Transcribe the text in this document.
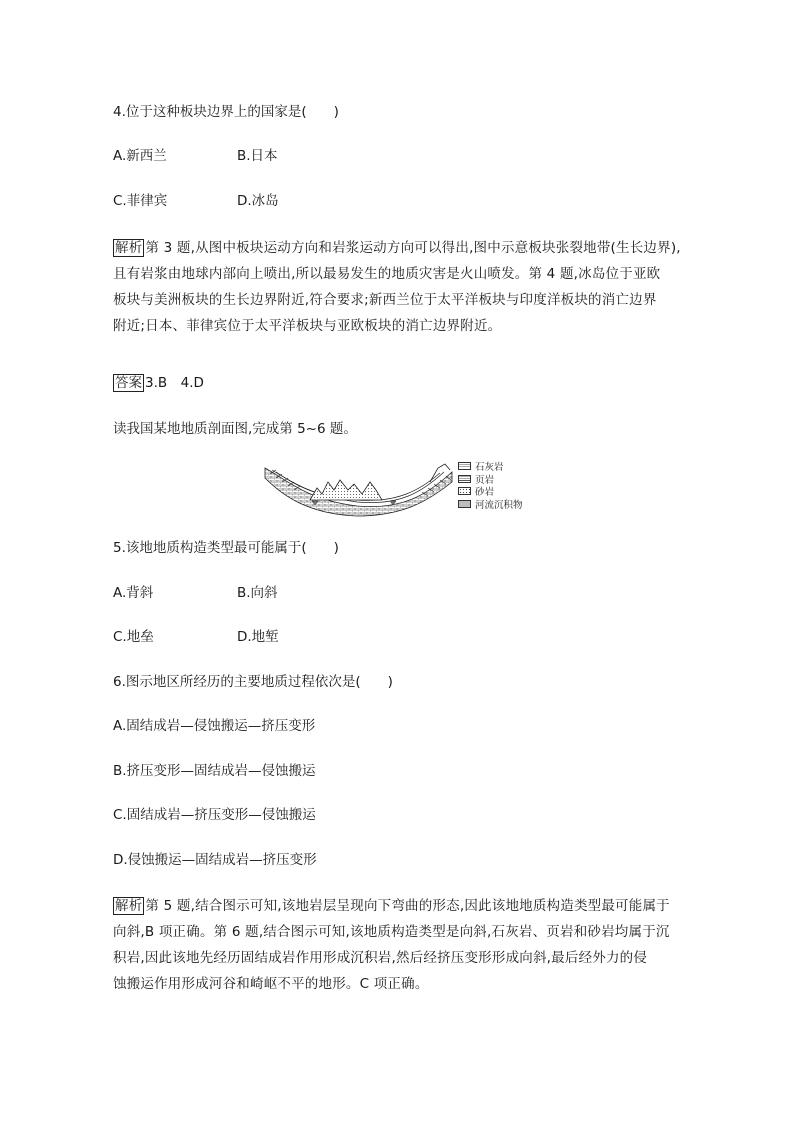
4.位于这种板块边界上的国家是(　　)
A.新西兰	B.日本
C.菲律宾	D.冰岛
解析 第 3 题,从图中板块运动方向和岩浆运动方向可以得出,图中示意板块张裂地带(生长边界),
且有岩浆由地球内部向上喷出,所以最易发生的地质灾害是火山喷发。第 4 题,冰岛位于亚欧
板块与美洲板块的生长边界附近,符合要求;新西兰位于太平洋板块与印度洋板块的消亡边界
附近;日本、菲律宾位于太平洋板块与亚欧板块的消亡边界附近。
答案 3.B　4.D
读我国某地地质剖面图,完成第 5~6 题。
石灰岩
页岩
砂岩
河流沉积物
5.该地地质构造类型最可能属于(　　)
A.背斜	B.向斜
C.地垒	D.地堑
6.图示地区所经历的主要地质过程依次是(　　)
A.固结成岩—侵蚀搬运—挤压变形
B.挤压变形—固结成岩—侵蚀搬运
C.固结成岩—挤压变形—侵蚀搬运
D.侵蚀搬运—固结成岩—挤压变形
解析 第 5 题,结合图示可知,该地岩层呈现向下弯曲的形态,因此该地地质构造类型最可能属于
向斜,B 项正确。第 6 题,结合图示可知,该地质构造类型是向斜,石灰岩、页岩和砂岩均属于沉
积岩,因此该地先经历固结成岩作用形成沉积岩,然后经挤压变形形成向斜,最后经外力的侵
蚀搬运作用形成河谷和崎岖不平的地形。C 项正确。
